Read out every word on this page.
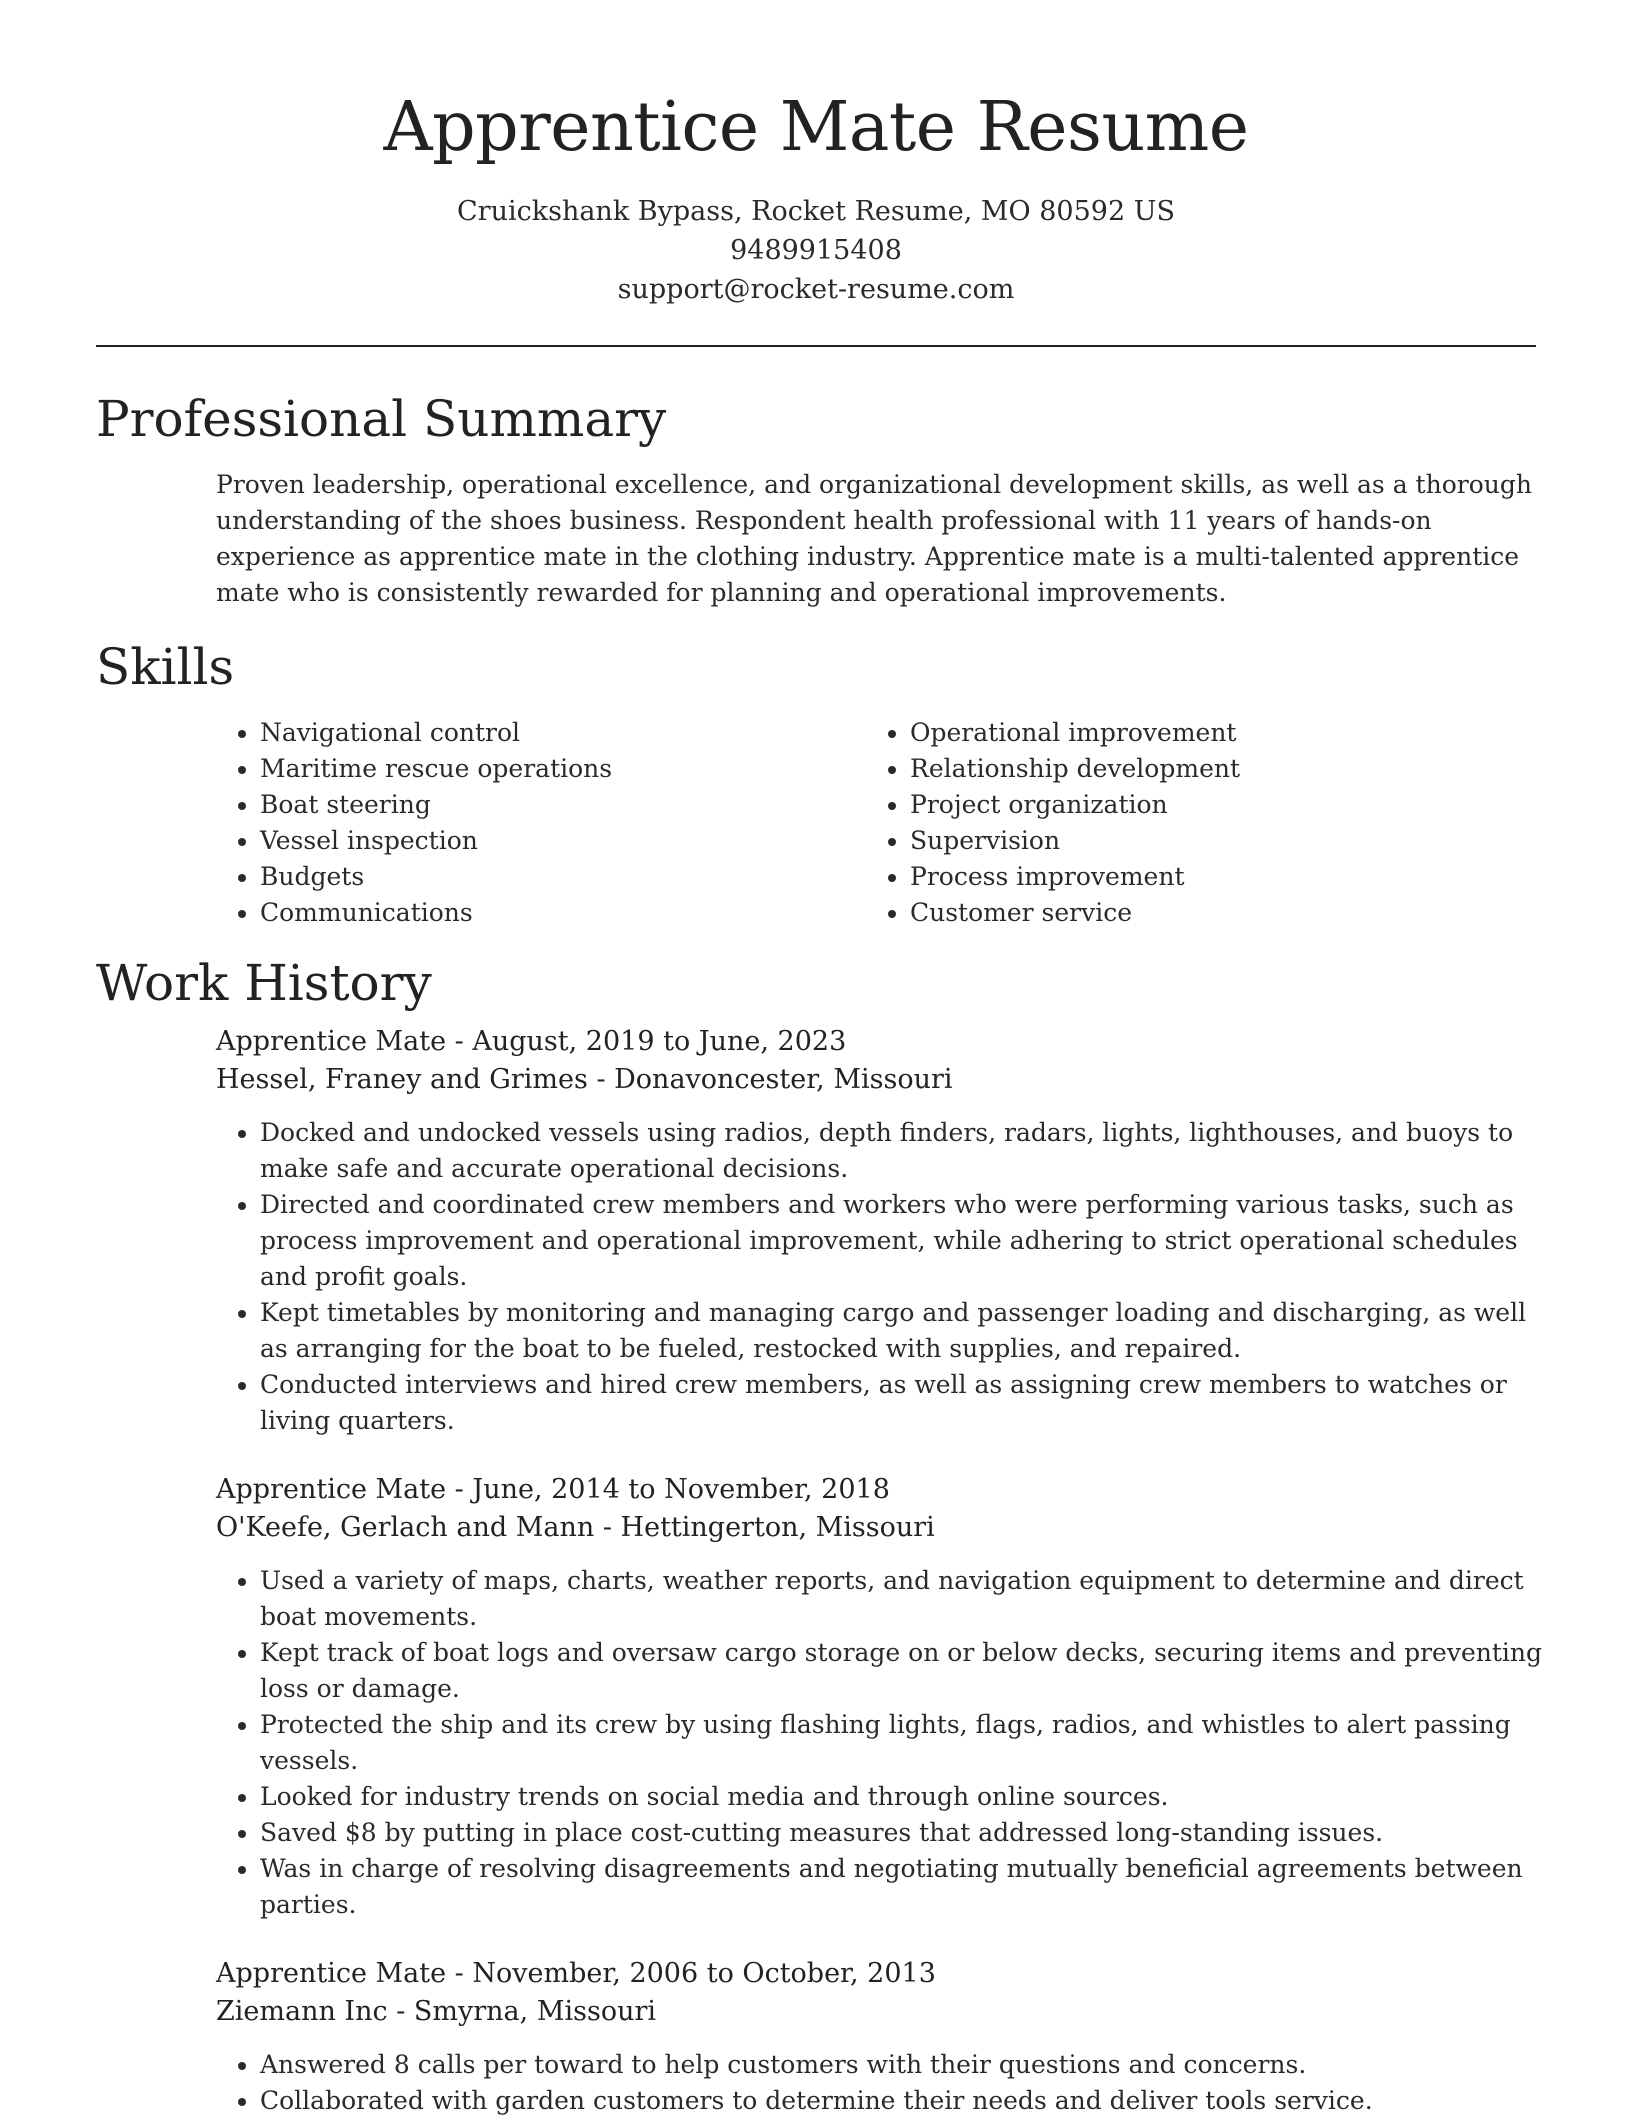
Apprentice Mate Resume
Cruickshank Bypass, Rocket Resume, MO 80592 US
9489915408
support@rocket-resume.com
Professional Summary

Proven leadership, operational excellence, and organizational development skills, as well as a thorough understanding of the shoes business. Respondent health professional with 11 years of hands-on experience as apprentice mate in the clothing industry. Apprentice mate is a multi-talented apprentice mate who is consistently rewarded for planning and operational improvements.

Skills
• Navigational control
• Maritime rescue operations
• Boat steering
• Vessel inspection
• Budgets
• Communications
• Operational improvement
• Relationship development
• Project organization
• Supervision
• Process improvement
• Customer service
Work History
Apprentice Mate - August, 2019 to June, 2023
Hessel, Franey and Grimes - Donavoncester, Missouri
• Docked and undocked vessels using radios, depth finders, radars, lights, lighthouses, and buoys to make safe and accurate operational decisions.
• Directed and coordinated crew members and workers who were performing various tasks, such as process improvement and operational improvement, while adhering to strict operational schedules and profit goals.
• Kept timetables by monitoring and managing cargo and passenger loading and discharging, as well as arranging for the boat to be fueled, restocked with supplies, and repaired.
• Conducted interviews and hired crew members, as well as assigning crew members to watches or living quarters.
Apprentice Mate - June, 2014 to November, 2018
O'Keefe, Gerlach and Mann - Hettingerton, Missouri
• Used a variety of maps, charts, weather reports, and navigation equipment to determine and direct boat movements.
• Kept track of boat logs and oversaw cargo storage on or below decks, securing items and preventing loss or damage.
• Protected the ship and its crew by using flashing lights, flags, radios, and whistles to alert passing vessels.
• Looked for industry trends on social media and through online sources.
• Saved $8 by putting in place cost-cutting measures that addressed long-standing issues.
• Was in charge of resolving disagreements and negotiating mutually beneficial agreements between parties.
Apprentice Mate - November, 2006 to October, 2013
Ziemann Inc - Smyrna, Missouri
• Answered 8 calls per toward to help customers with their questions and concerns.
• Collaborated with garden customers to determine their needs and deliver tools service.
